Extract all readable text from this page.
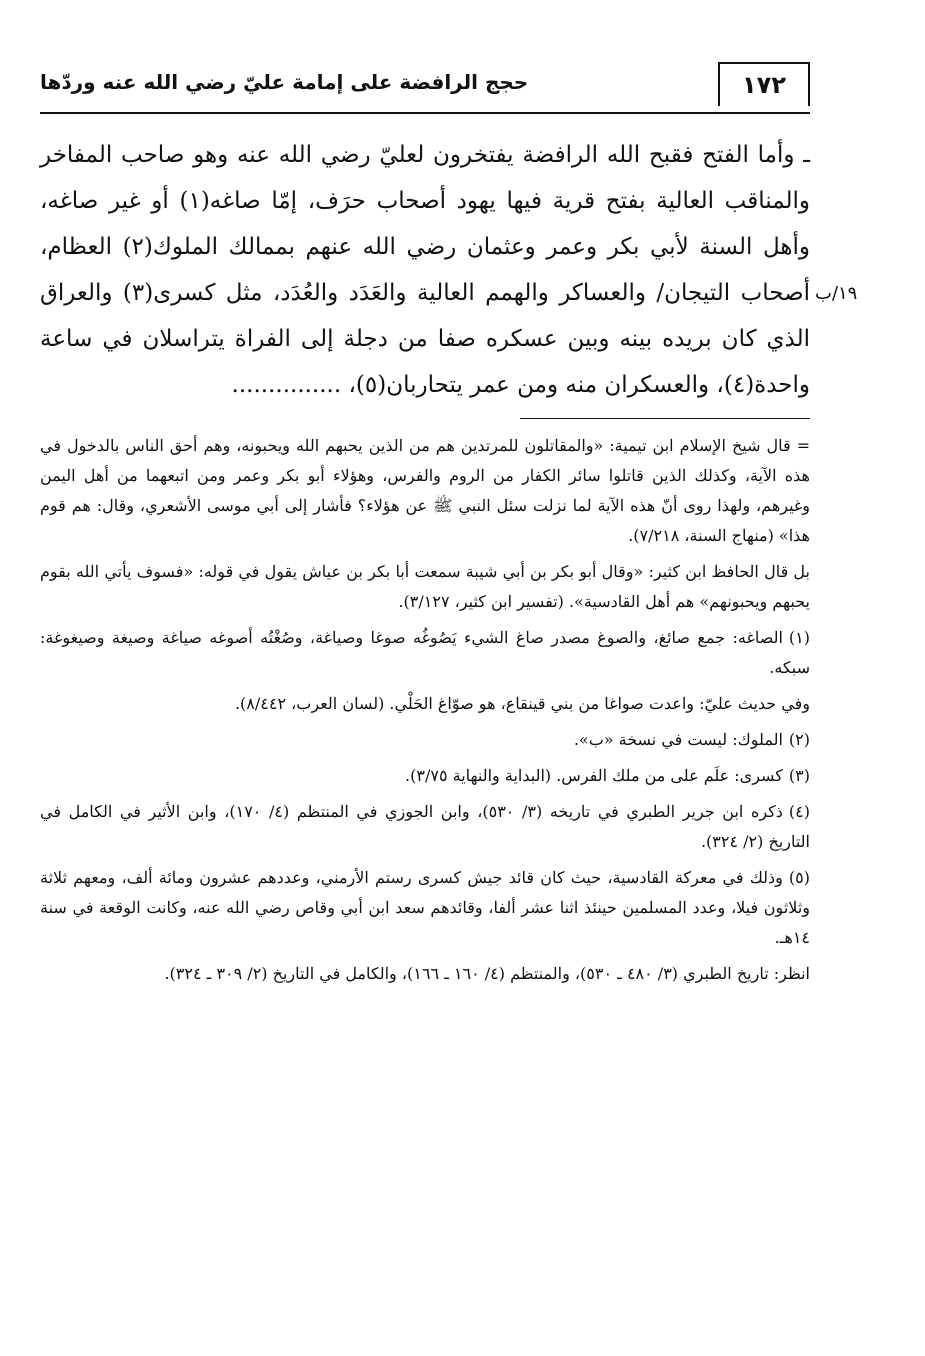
١٧٢
حجج الرافضة على إمامة عليّ رضي الله عنه وردّها

ـ وأما الفتح فقبح الله الرافضة يفتخرون لعليّ رضي الله عنه وهو صاحب المفاخر والمناقب العالية بفتح قرية فيها يهود أصحاب حرَف، إمّا صاغه(١) أو غير صاغه، وأهل السنة لأبي بكر وعمر وعثمان رضي الله عنهم بممالك الملوك(٢) العظام، أصحاب التيجان/ والعساكر والهمم العالية والعَدَد والعُدَد، مثل كسرى(٣) والعراق الذي كان بريده بينه وبين عسكره صفا من دجلة إلى الفراة يتراسلان في ساعة واحدة(٤)، والعسكران منه ومن عمر يتحاربان(٥)، ...............

= قال شيخ الإسلام ابن تيمية: «والمقاتلون للمرتدين هم من الذين يحبهم الله ويحبونه، وهم أحق الناس بالدخول في هذه الآية، وكذلك الذين قاتلوا سائر الكفار من الروم والفرس، وهؤلاء أبو بكر وعمر ومن اتبعهما من أهل اليمن وغيرهم، ولهذا روى أنّ هذه الآية لما نزلت سئل النبي ﷺ عن هؤلاء؟ فأشار إلى أبي موسى الأشعري، وقال: هم قوم هذا» (منهاج السنة، ٧/٢١٨).

بل قال الحافظ ابن كثير: «وقال أبو بكر بن أبي شيبة سمعت أبا بكر بن عياش يقول في قوله: «فسوف يأتي الله بقوم يحبهم ويحبونهم» هم أهل القادسية». (تفسير ابن كثير، ٣/١٢٧).

(١)الصاغه: جمع صائغ، والصوغ مصدر صاغ الشيء يَصُوغُه صوغا وصياغة، وصُغْتُه أصوغه صياغة وصيغة وصيغوغة: سبكه.

وفي حديث عليّ: واعدت صواغا من بني قينقاع، هو صوّاغ الحَلْي. (لسان العرب، ٨/٤٤٢).

(٢)الملوك: ليست في نسخة «ب».

(٣)كسرى: علَم على من ملك الفرس. (البداية والنهاية ٣/٧٥).

(٤)ذكره ابن جرير الطبري في تاريخه (٣/ ٥٣٠)، وابن الجوزي في المنتظم (٤/ ١٧٠)، وابن الأثير في الكامل في التاريخ (٢/ ٣٢٤).

(٥)وذلك في معركة القادسية، حيث كان قائد جيش كسرى رستم الأرمني، وعددهم عشرون ومائة ألف، ومعهم ثلاثة وثلاثون فيلا، وعدد المسلمين حينئذ اثنا عشر ألفا، وقائدهم سعد ابن أبي وقاص رضي الله عنه، وكانت الوقعة في سنة ١٤هـ.

انظر: تاريخ الطبري (٣/ ٤٨٠ ـ ٥٣٠)، والمنتظم (٤/ ١٦٠ ـ ١٦٦)، والكامل في التاريخ (٢/ ٣٠٩ ـ ٣٢٤).

١٩/ب
